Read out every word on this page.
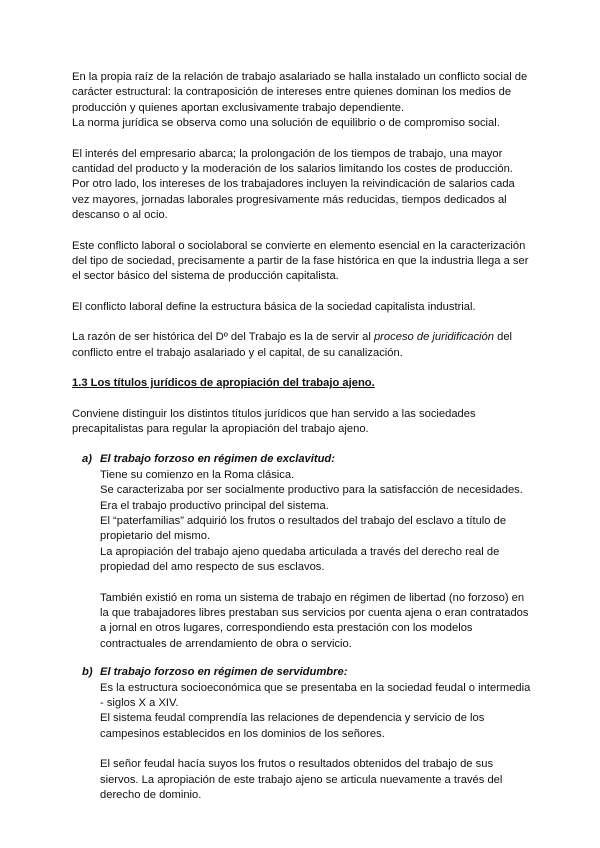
En la propia raíz de la relación de trabajo asalariado se halla instalado un conflicto social de carácter estructural: la contraposición de intereses entre quienes dominan los medios de producción y quienes aportan exclusivamente trabajo dependiente.

La norma jurídica se observa como una solución de equilibrio o de compromiso social.

El interés del empresario abarca; la prolongación de los tiempos de trabajo, una mayor cantidad del producto y la moderación de los salarios limitando los costes de producción.

Por otro lado, los intereses de los trabajadores incluyen la reivindicación de salarios cada vez mayores, jornadas laborales progresivamente más reducidas, tiempos dedicados al descanso o al ocio.

Este conflicto laboral o sociolaboral se convierte en elemento esencial en la caracterización del tipo de sociedad, precisamente a partir de la fase histórica en que la industria llega a ser el sector básico del sistema de producción capitalista.

El conflicto laboral define la estructura básica de la sociedad capitalista industrial.

La razón de ser histórica del Dº del Trabajo es la de servir al proceso de juridificación del conflicto entre el trabajo asalariado y el capital, de su canalización.

1.3 Los títulos jurídicos de apropiación del trabajo ajeno.

Conviene distinguir los distintos títulos jurídicos que han servido a las sociedades precapitalistas para regular la apropiación del trabajo ajeno.

a) El trabajo forzoso en régimen de exclavitud:

Tiene su comienzo en la Roma clásica.

Se caracterizaba por ser socialmente productivo para la satisfacción de necesidades. Era el trabajo productivo principal del sistema.

El “paterfamilias” adquirió los frutos o resultados del trabajo del esclavo a título de propietario del mismo.

La apropiación del trabajo ajeno quedaba articulada a través del derecho real de propiedad del amo respecto de sus esclavos.

También existió en roma un sistema de trabajo en régimen de libertad (no forzoso) en la que trabajadores libres prestaban sus servicios por cuenta ajena o eran contratados a jornal en otros lugares, correspondiendo esta prestación con los modelos contractuales de arrendamiento de obra o servicio.

b) El trabajo forzoso en régimen de servidumbre:

Es la estructura socioeconómica que se presentaba en la sociedad feudal o intermedia - siglos X a XIV.

El sistema feudal comprendía las relaciones de dependencia y servicio de los campesinos establecidos en los dominios de los señores.

El señor feudal hacía suyos los frutos o resultados obtenidos del trabajo de sus siervos. La apropiación de este trabajo ajeno se articula nuevamente a través del derecho de dominio.
